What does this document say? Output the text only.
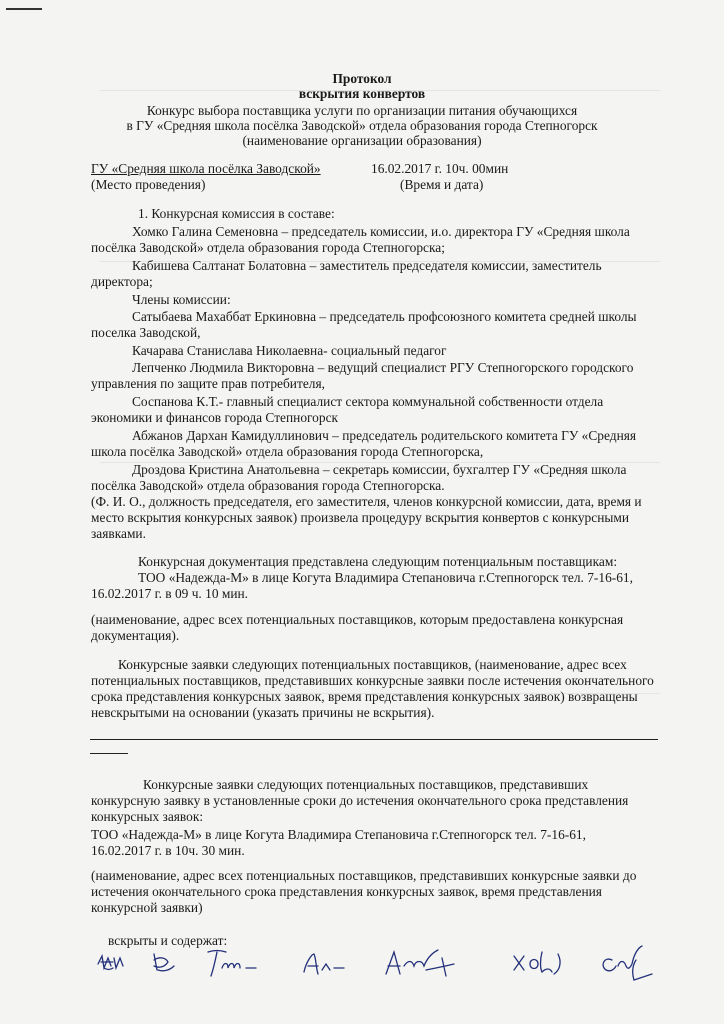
Протокол
вскрытия конвертов
Конкурс выбора поставщика услуги по организации питания обучающихся
в ГУ «Средняя школа посёлка Заводской» отдела образования города Степногорск
(наименование организации образования)
ГУ «Средняя школа посёлка Заводской»	16.02.2017 г. 10ч. 00мин
(Место проведения)	(Время и дата)
1. Конкурсная комиссия в составе:
Хомко Галина Семеновна – председатель комиссии, и.о. директора ГУ «Средняя школа
посёлка Заводской» отдела образования города Степногорска;
Кабишева Салтанат Болатовна – заместитель председателя комиссии, заместитель
директора;
Члены комиссии:
Сатыбаева Махаббат Еркиновна – председатель профсоюзного комитета средней школы
поселка Заводской,
Качарава Станислава Николаевна- социальный педагог
Лепченко Людмила Викторовна – ведущий специалист РГУ Степногорского городского
управления по защите прав потребителя,
Соспанова К.Т.- главный специалист сектора коммунальной собственности отдела
экономики и финансов города Степногорск
Абжанов Дархан Камидуллинович – председатель родительского комитета ГУ «Средняя
школа посёлка Заводской» отдела образования города Степногорска,
Дроздова Кристина Анатольевна – секретарь комиссии, бухгалтер ГУ «Средняя школа
посёлка Заводской» отдела образования города Степногорска.
(Ф. И. О., должность председателя, его заместителя, членов конкурсной комиссии, дата, время и
место вскрытия конкурсных заявок) произвела процедуру вскрытия конвертов с конкурсными
заявками.
Конкурсная документация представлена следующим потенциальным поставщикам:
ТОО «Надежда-М» в лице Когута Владимира Степановича г.Степногорск тел. 7-16-61,
16.02.2017 г. в 09 ч. 10 мин.
(наименование, адрес всех потенциальных поставщиков, которым предоставлена конкурсная
документация).
Конкурсные заявки следующих потенциальных поставщиков, (наименование, адрес всех
потенциальных поставщиков, представивших конкурсные заявки после истечения окончательного
срока представления конкурсных заявок, время представления конкурсных заявок) возвращены
невскрытыми на основании (указать причины не вскрытия).
Конкурсные заявки следующих потенциальных поставщиков, представивших
конкурсную заявку в установленные сроки до истечения окончательного срока представления
конкурсных заявок:
ТОО «Надежда-М» в лице Когута Владимира Степановича г.Степногорск тел. 7-16-61,
16.02.2017 г. в 10ч. 30 мин.
(наименование, адрес всех потенциальных поставщиков, представивших конкурсные заявки до
истечения окончательного срока представления конкурсных заявок, время представления
конкурсной заявки)
вскрыты и содержат:
